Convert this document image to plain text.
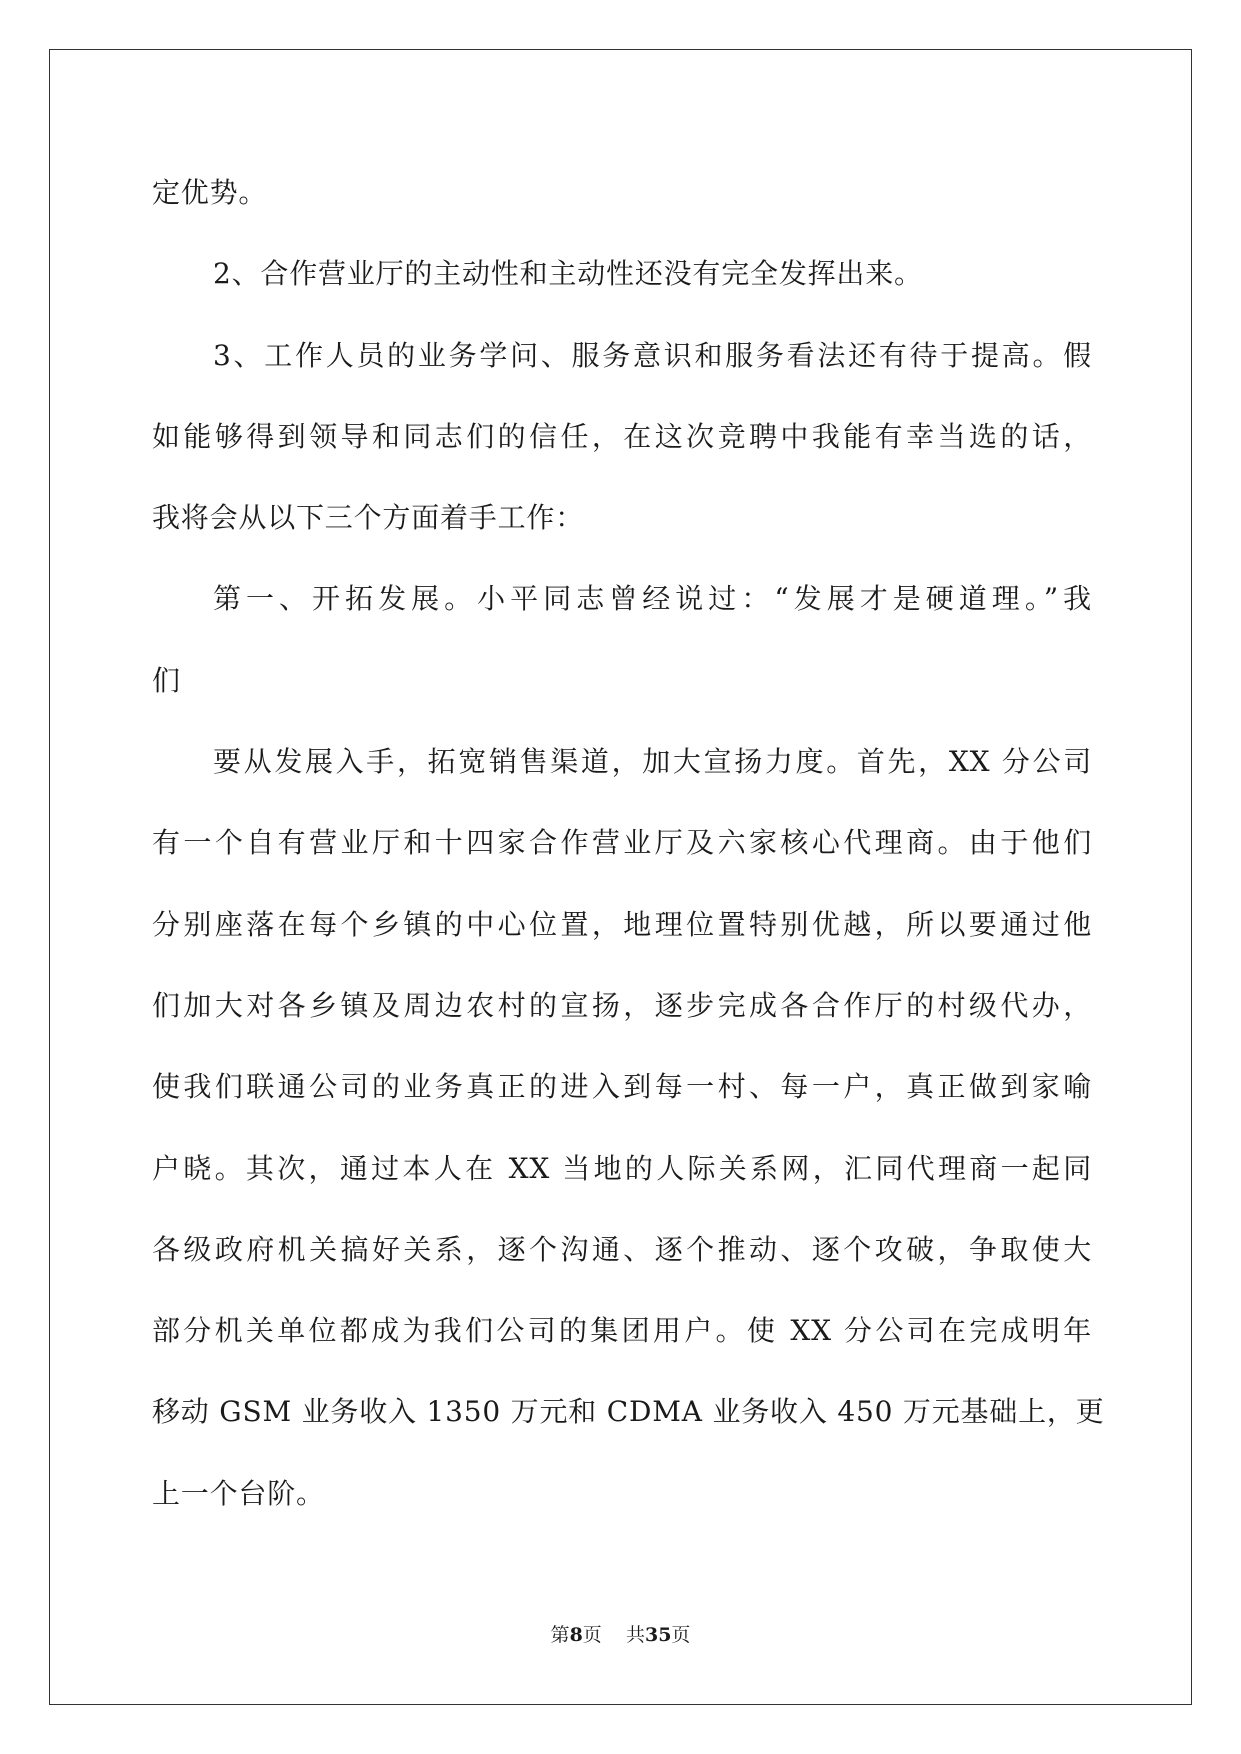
定优势。
2、合作营业厅的主动性和主动性还没有完全发挥出来。
3、工作人员的业务学问、服务意识和服务看法还有待于提高。假
如能够得到领导和同志们的信任，在这次竞聘中我能有幸当选的话，
我将会从以下三个方面着手工作：
第一、开拓发展。小平同志曾经说过：“发展才是硬道理。”我
们
要从发展入手，拓宽销售渠道，加大宣扬力度。首先，XX 分公司
有一个自有营业厅和十四家合作营业厅及六家核心代理商。由于他们
分别座落在每个乡镇的中心位置，地理位置特别优越，所以要通过他
们加大对各乡镇及周边农村的宣扬，逐步完成各合作厅的村级代办，
使我们联通公司的业务真正的进入到每一村、每一户，真正做到家喻
户晓。其次，通过本人在 XX 当地的人际关系网，汇同代理商一起同
各级政府机关搞好关系，逐个沟通、逐个推动、逐个攻破，争取使大
部分机关单位都成为我们公司的集团用户。使 XX 分公司在完成明年
移动 GSM 业务收入 1350 万元和 CDMA 业务收入 450 万元基础上，更
上一个台阶。
第8页    共35页
